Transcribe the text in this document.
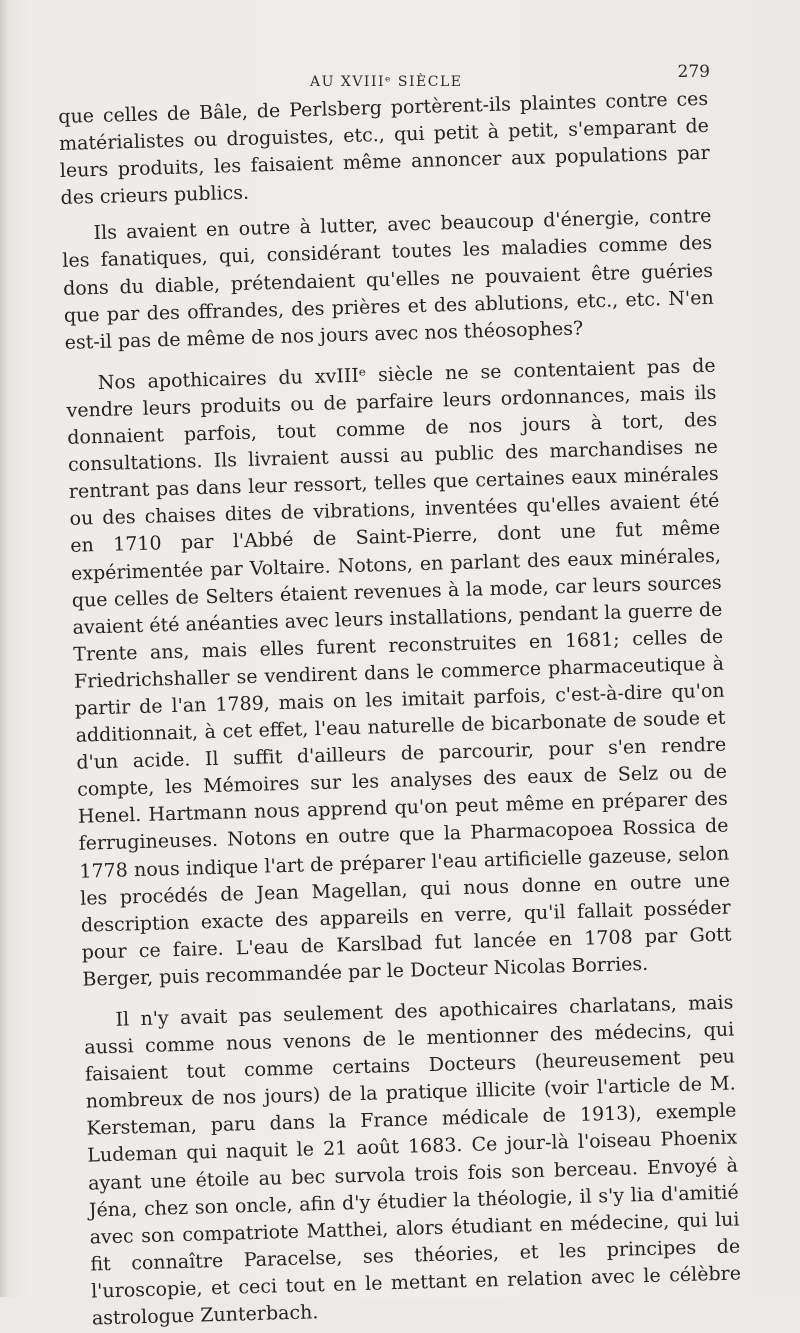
AU XVIIIᵉ SIÈCLE	279

que celles de Bâle, de Perlsberg portèrent-ils plaintes contre ces matérialistes ou droguistes, etc., qui petit à petit, s'emparant de leurs produits, les faisaient même annoncer aux populations par des crieurs publics.

Ils avaient en outre à lutter, avec beaucoup d'énergie, contre les fanatiques, qui, considérant toutes les maladies comme des dons du diable, prétendaient qu'elles ne pouvaient être guéries que par des offrandes, des prières et des ablutions, etc., etc. N'en est-il pas de même de nos jours avec nos théosophes?

Nos apothicaires du xvIIIᵉ siècle ne se contentaient pas de vendre leurs produits ou de parfaire leurs ordonnances, mais ils donnaient parfois, tout comme de nos jours à tort, des consultations. Ils livraient aussi au public des marchandises ne rentrant pas dans leur ressort, telles que certaines eaux minérales ou des chaises dites de vibrations, inventées qu'elles avaient été en 1710 par l'Abbé de Saint-Pierre, dont une fut même expérimentée par Voltaire. Notons, en parlant des eaux minérales, que celles de Selters étaient revenues à la mode, car leurs sources avaient été anéanties avec leurs installations, pendant la guerre de Trente ans, mais elles furent reconstruites en 1681; celles de Friedrichshaller se vendirent dans le commerce pharmaceutique à partir de l'an 1789, mais on les imitait parfois, c'est-à-dire qu'on additionnait, à cet effet, l'eau naturelle de bicarbonate de soude et d'un acide. Il suffit d'ailleurs de parcourir, pour s'en rendre compte, les Mémoires sur les analyses des eaux de Selz ou de Henel. Hartmann nous apprend qu'on peut même en préparer des ferrugineuses. Notons en outre que la Pharmacopoea Rossica de 1778 nous indique l'art de préparer l'eau artificielle gazeuse, selon les procédés de Jean Magellan, qui nous donne en outre une description exacte des appareils en verre, qu'il fallait posséder pour ce faire. L'eau de Karslbad fut lancée en 1708 par Gott Berger, puis recommandée par le Docteur Nicolas Borries.

Il n'y avait pas seulement des apothicaires charlatans, mais aussi comme nous venons de le mentionner des médecins, qui faisaient tout comme certains Docteurs (heureusement peu nombreux de nos jours) de la pratique illicite (voir l'article de M. Kersteman, paru dans la France médicale de 1913), exemple Ludeman qui naquit le 21 août 1683. Ce jour-là l'oiseau Phoenix ayant une étoile au bec survola trois fois son berceau. Envoyé à Jéna, chez son oncle, afin d'y étudier la théologie, il s'y lia d'amitié avec son compatriote Matthei, alors étudiant en médecine, qui lui fit connaître Paracelse, ses théories, et les principes de l'uroscopie, et ceci tout en le mettant en relation avec le célèbre astrologue Zunterbach.
